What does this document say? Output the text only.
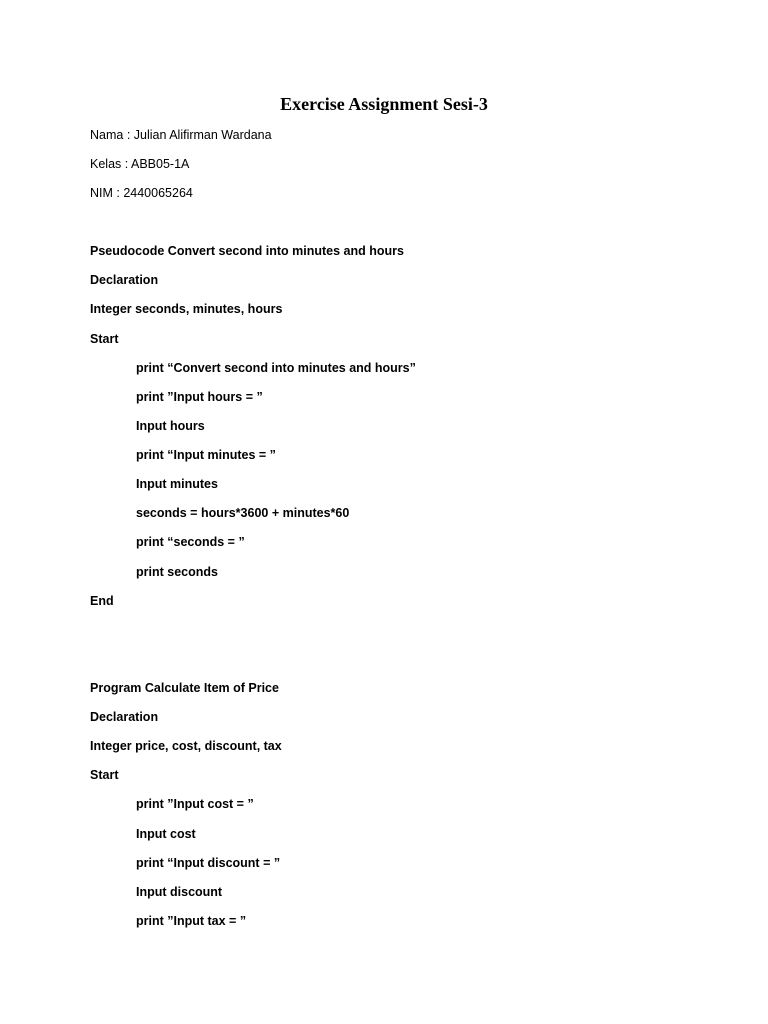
Exercise Assignment Sesi-3
Nama : Julian Alifirman Wardana
Kelas : ABB05-1A
NIM : 2440065264
Pseudocode Convert second into minutes and hours
Declaration
Integer seconds, minutes, hours
Start
print “Convert second into minutes and hours”
print ”Input hours = ”
Input hours
print “Input minutes = ”
Input minutes
seconds = hours*3600 + minutes*60
print “seconds = ”
print seconds
End
Program Calculate Item of Price
Declaration
Integer price, cost, discount, tax
Start
print ”Input cost = ”
Input cost
print “Input discount = ”
Input discount
print ”Input tax = ”
